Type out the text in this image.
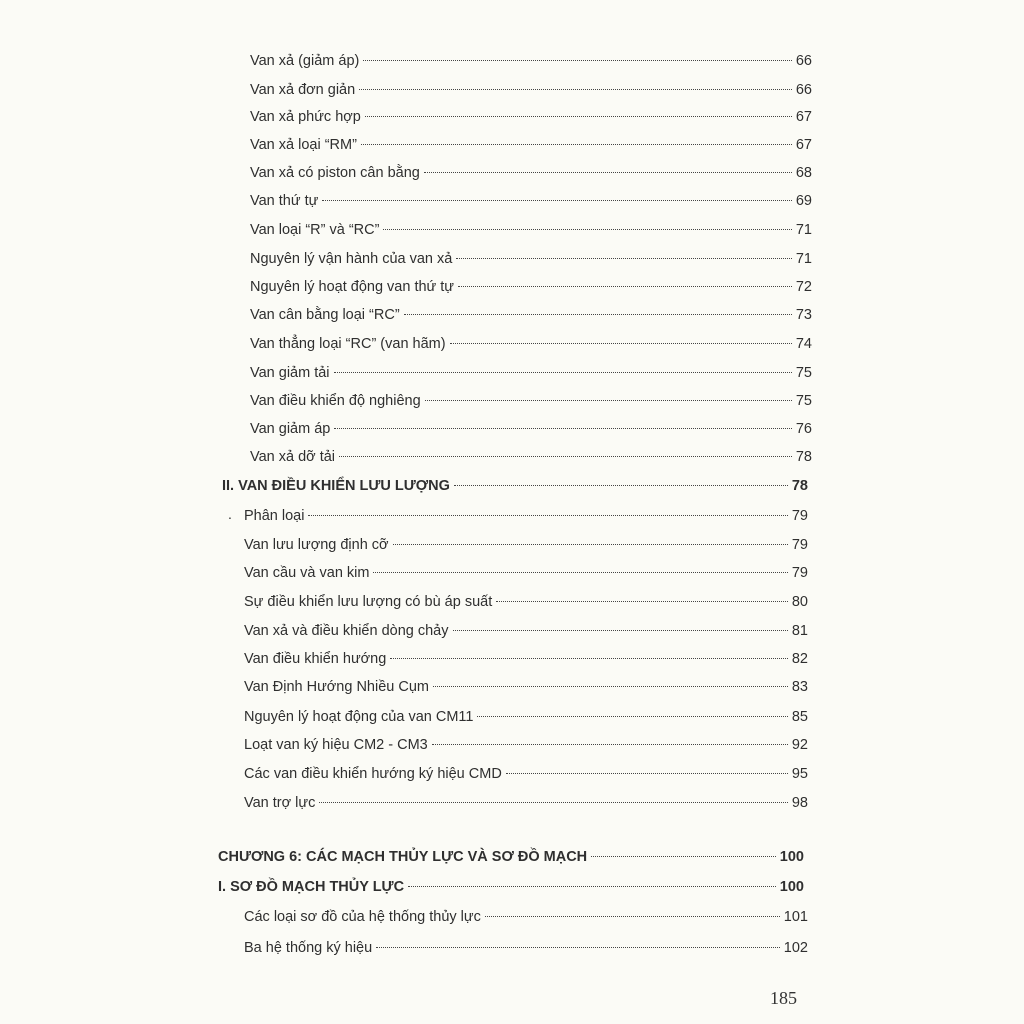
Van xả (giảm áp)	66
Van xả đơn giản	66
Van xả phức hợp	67
Van xả loại “RM”	67
Van xả có piston cân bằng	68
Van thứ tự	69
Van loại “R” và “RC”	71
Nguyên lý vận hành của van xả	71
Nguyên lý hoạt động van thứ tự	72
Van cân bằng loại “RC”	73
Van thẳng loại “RC” (van hãm)	74
Van giảm tải	75
Van điều khiển độ nghiêng	75
Van giảm áp	76
Van xả dỡ tải	78
II. VAN ĐIỀU KHIỂN LƯU LƯỢNG	78
Phân loại	79
Van lưu lượng định cỡ	79
Van cầu và van kim	79
Sự điều khiển lưu lượng có bù áp suất	80
Van xả và điều khiển dòng chảy	81
Van điều khiển hướng	82
Van Định Hướng Nhiều Cụm	83
Nguyên lý hoạt động của van CM11	85
Loạt van ký hiệu CM2 - CM3	92
Các van điều khiển hướng ký hiệu CMD	95
Van trợ lực	98
CHƯƠNG 6: CÁC MẠCH THỦY LỰC VÀ SƠ ĐỒ MẠCH	100
I. SƠ ĐỒ MẠCH THỦY LỰC	100
Các loại sơ đồ của hệ thống thủy lực	101
Ba hệ thống ký hiệu	102
.
185
